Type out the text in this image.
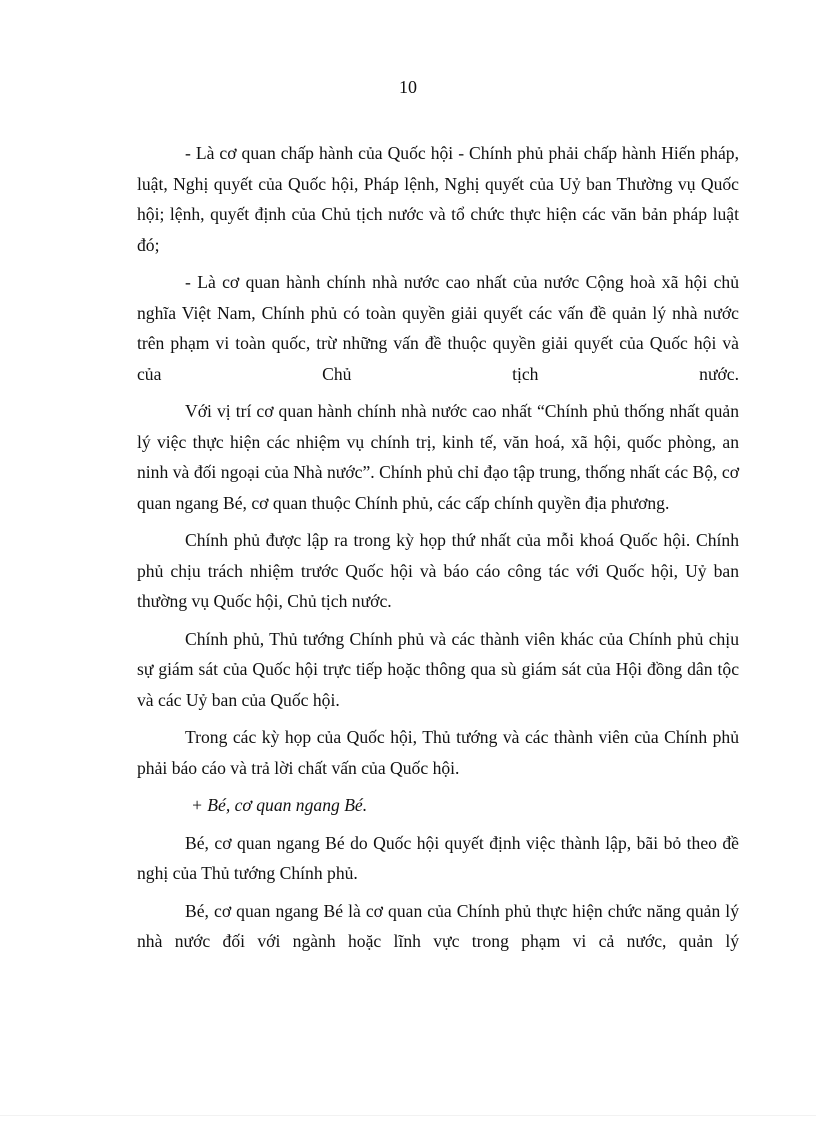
10

- Là cơ quan chấp hành của Quốc hội - Chính phủ phải chấp hành Hiến pháp, luật, Nghị quyết của Quốc hội, Pháp lệnh, Nghị quyết của Uỷ ban Thường vụ Quốc hội; lệnh, quyết định của Chủ tịch nước và tổ chức thực hiện các văn bản pháp luật đó;

- Là cơ quan hành chính nhà nước cao nhất của nước Cộng hoà xã hội chủ nghĩa Việt Nam, Chính phủ có toàn quyền giải quyết các vấn đề quản lý nhà nước trên phạm vi toàn quốc, trừ những vấn đề thuộc quyền giải quyết của Quốc hội và của Chủ tịch nước.

Với vị trí cơ quan hành chính nhà nước cao nhất “Chính phủ thống nhất quản lý việc thực hiện các nhiệm vụ chính trị, kinh tế, văn hoá, xã hội, quốc phòng, an ninh và đối ngoại của Nhà nước”. Chính phủ chỉ đạo tập trung, thống nhất các Bộ, cơ quan ngang Bé, cơ quan thuộc Chính phủ, các cấp chính quyền địa phương.

Chính phủ được lập ra trong kỳ họp thứ nhất của mỗi khoá Quốc hội. Chính phủ chịu trách nhiệm trước Quốc hội và báo cáo công tác với Quốc hội, Uỷ ban thường vụ Quốc hội, Chủ tịch nước.

Chính phủ, Thủ tướng Chính phủ và các thành viên khác của Chính phủ chịu sự giám sát của Quốc hội trực tiếp hoặc thông qua sù giám sát của Hội đồng dân tộc và các Uỷ ban của Quốc hội.

Trong các kỳ họp của Quốc hội, Thủ tướng và các thành viên của Chính phủ phải báo cáo và trả lời chất vấn của Quốc hội.

+ Bé, cơ quan ngang Bé.

Bé, cơ quan ngang Bé do Quốc hội quyết định việc thành lập, bãi bỏ theo đề nghị của Thủ tướng Chính phủ.

Bé, cơ quan ngang Bé là cơ quan của Chính phủ thực hiện chức năng quản lý nhà nước đối với ngành hoặc lĩnh vực trong phạm vi cả nước, quản lý
